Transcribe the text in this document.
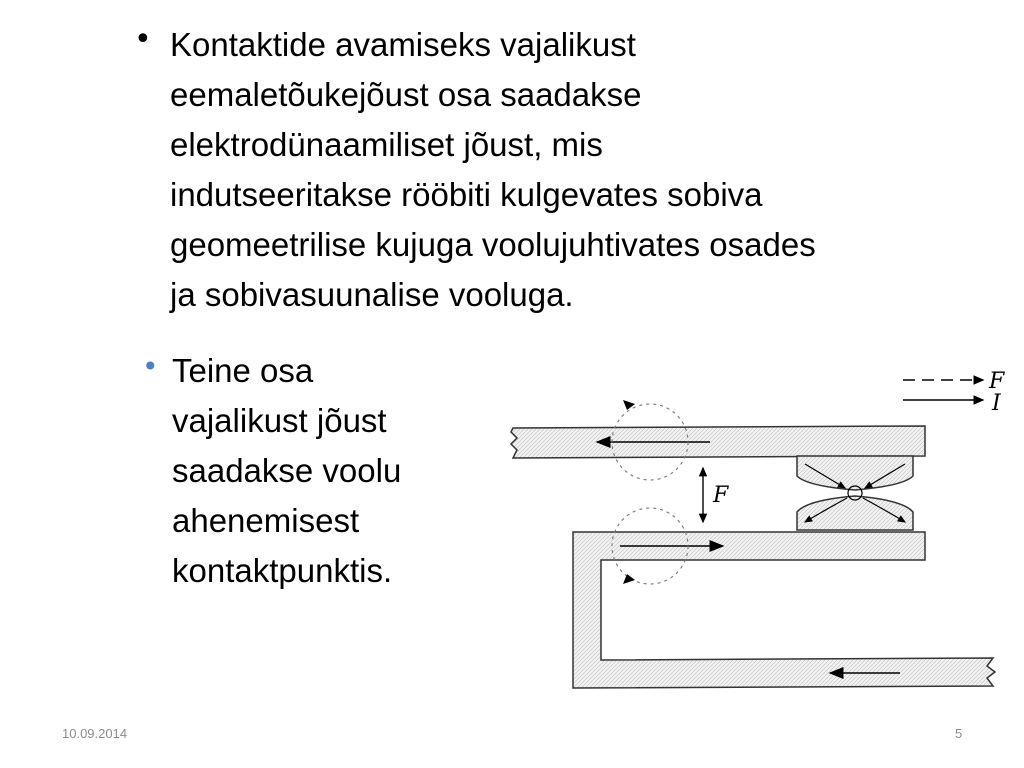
• Kontaktide avamiseks vajalikust
eemaletõukejõust osa saadakse
elektrodünaamiliset jõust, mis
indutseeritakse rööbiti kulgevates sobiva
geomeetrilise kujuga voolujuhtivates osades
ja sobivasuunalise vooluga.
• Teine osa
vajalikust jõust
saadakse voolu
ahenemisest
kontaktpunktis.
F
I
F
10.09.2014	5
